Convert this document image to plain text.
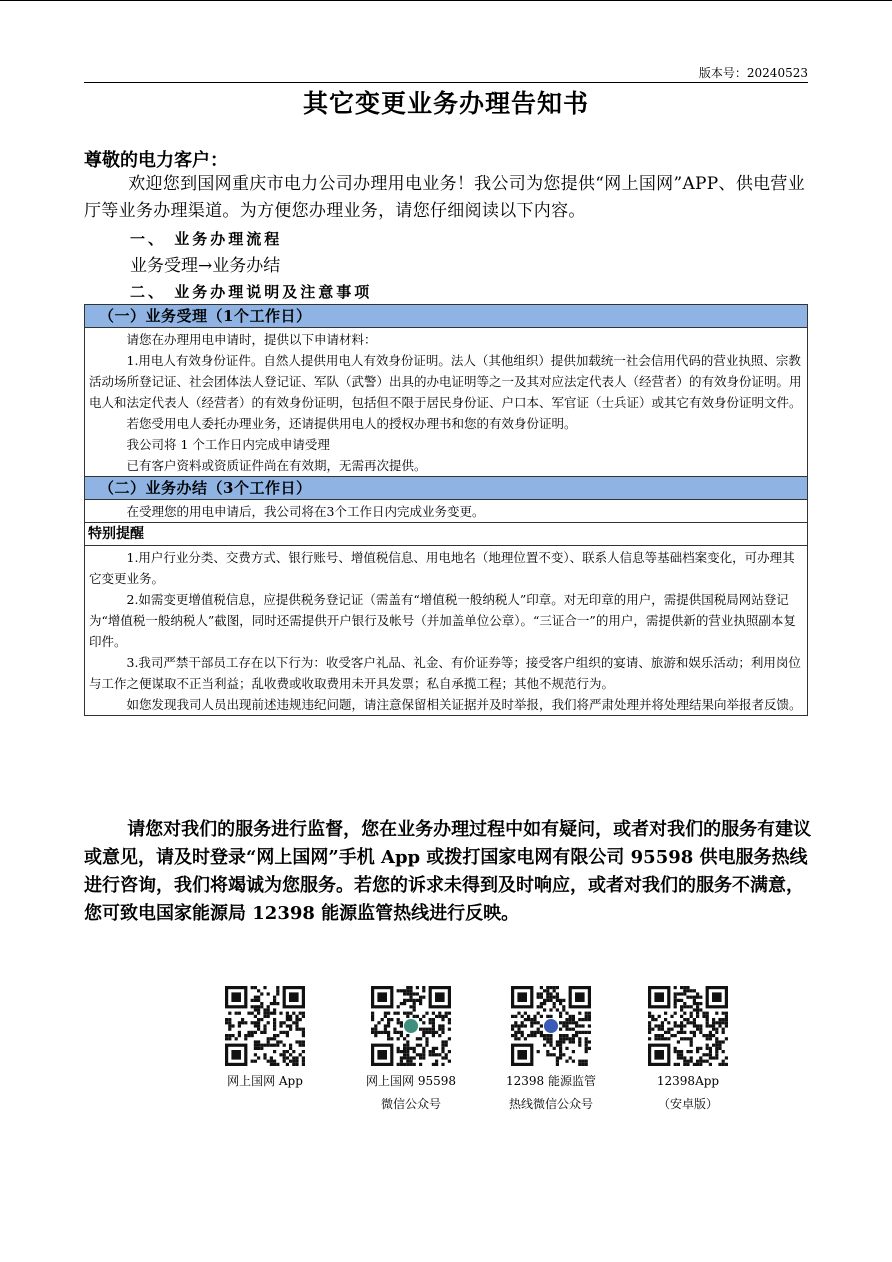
版本号：20240523
其它变更业务办理告知书
尊敬的电力客户：
欢迎您到国网重庆市电力公司办理用电业务！我公司为您提供“网上国网”APP、供电营业厅等业务办理渠道。为方便您办理业务，请您仔细阅读以下内容。
一、 业务办理流程
业务受理→业务办结
二、 业务办理说明及注意事项
（一）业务受理（1个工作日）

请您在办理用电申请时，提供以下申请材料：

1.用电人有效身份证件。自然人提供用电人有效身份证明。法人（其他组织）提供加载统一社会信用代码的营业执照、宗教活动场所登记证、社会团体法人登记证、军队（武警）出具的办电证明等之一及其对应法定代表人（经营者）的有效身份证明。用电人和法定代表人（经营者）的有效身份证明，包括但不限于居民身份证、户口本、军官证（士兵证）或其它有效身份证明文件。

若您受用电人委托办理业务，还请提供用电人的授权办理书和您的有效身份证明。

我公司将 1 个工作日内完成申请受理

已有客户资料或资质证件尚在有效期，无需再次提供。

（二）业务办结（3个工作日）

在受理您的用电申请后，我公司将在3个工作日内完成业务变更。

特别提醒

1.用户行业分类、交费方式、银行账号、增值税信息、用电地名（地理位置不变）、联系人信息等基础档案变化，可办理其它变更业务。

2.如需变更增值税信息，应提供税务登记证（需盖有“增值税一般纳税人”印章。对无印章的用户，需提供国税局网站登记为“增值税一般纳税人”截图，同时还需提供开户银行及帐号（并加盖单位公章）。“三证合一”的用户，需提供新的营业执照副本复印件。

3.我司严禁干部员工存在以下行为：收受客户礼品、礼金、有价证券等；接受客户组织的宴请、旅游和娱乐活动；利用岗位与工作之便谋取不正当利益；乱收费或收取费用未开具发票；私自承揽工程；其他不规范行为。

如您发现我司人员出现前述违规违纪问题，请注意保留相关证据并及时举报，我们将严肃处理并将处理结果向举报者反馈。

请您对我们的服务进行监督，您在业务办理过程中如有疑问，或者对我们的服务有建议或意见，请及时登录“网上国网”手机 App 或拨打国家电网有限公司 95598 供电服务热线进行咨询，我们将竭诚为您服务。若您的诉求未得到及时响应，或者对我们的服务不满意，您可致电国家能源局 12398 能源监管热线进行反映。

网上国网 App	网上国网 95598
微信公众号
12398 能源监管
热线微信公众号
12398App
（安卓版）
